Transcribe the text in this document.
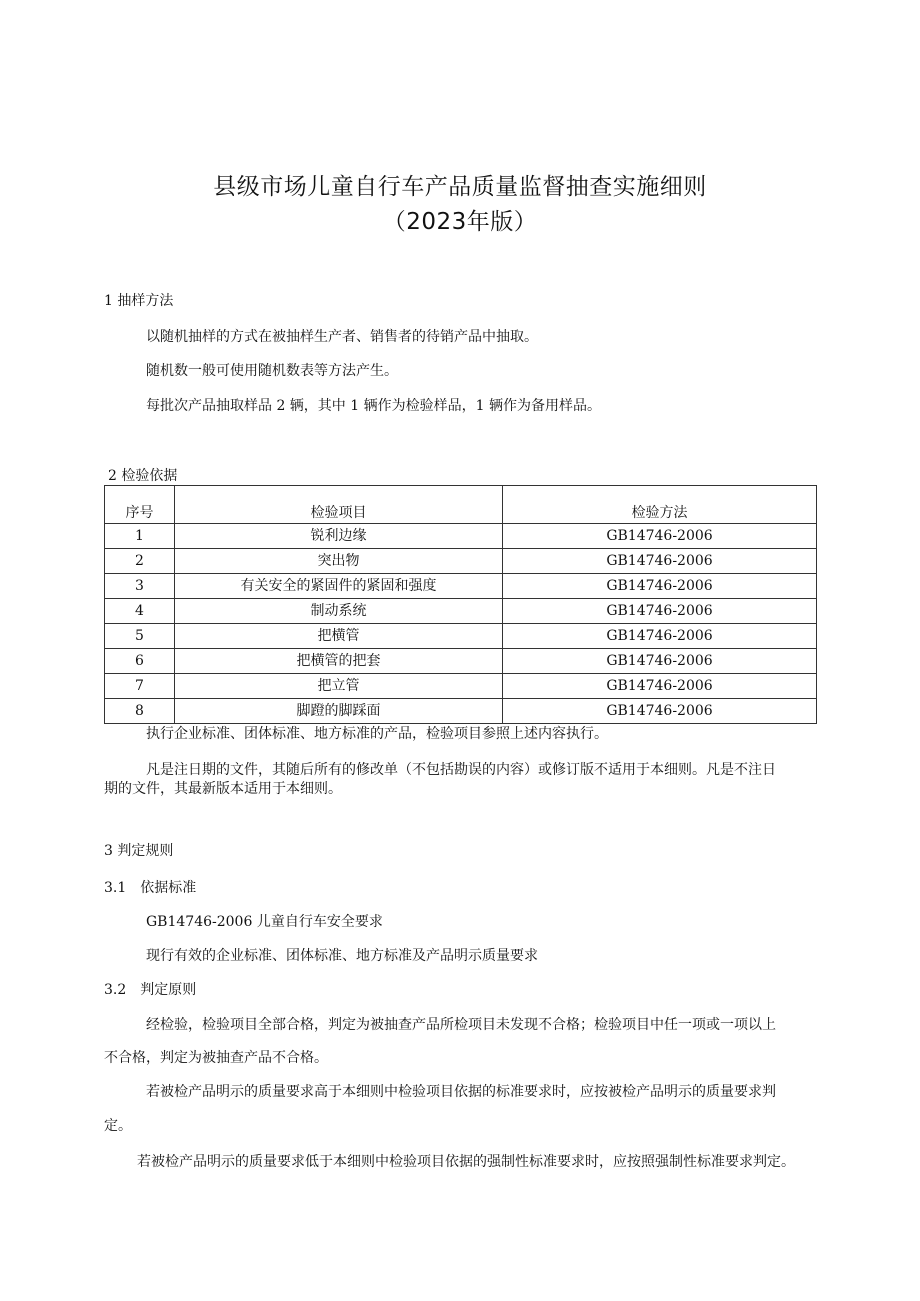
县级市场儿童自行车产品质量监督抽查实施细则
（2023年版）
1 抽样方法
以随机抽样的方式在被抽样生产者、销售者的待销产品中抽取。
随机数一般可使用随机数表等方法产生。
每批次产品抽取样品 2 辆，其中 1 辆作为检验样品，1 辆作为备用样品。
2 检验依据
序号	检验项目	检验方法
1	锐利边缘	GB14746-2006
2	突出物	GB14746-2006
3	有关安全的紧固件的紧固和强度	GB14746-2006
4	制动系统	GB14746-2006
5	把横管	GB14746-2006
6	把横管的把套	GB14746-2006
7	把立管	GB14746-2006
8	脚蹬的脚踩面	GB14746-2006
执行企业标准、团体标准、地方标准的产品，检验项目参照上述内容执行。
凡是注日期的文件，其随后所有的修改单（不包括勘误的内容）或修订版不适用于本细则。凡是不注日
期的文件，其最新版本适用于本细则。
3 判定规则
3.1　依据标准
GB14746-2006 儿童自行车安全要求
现行有效的企业标准、团体标准、地方标准及产品明示质量要求
3.2　判定原则
经检验，检验项目全部合格，判定为被抽查产品所检项目未发现不合格；检验项目中任一项或一项以上
不合格，判定为被抽查产品不合格。
若被检产品明示的质量要求高于本细则中检验项目依据的标准要求时，应按被检产品明示的质量要求判
定。
若被检产品明示的质量要求低于本细则中检验项目依据的强制性标准要求时，应按照强制性标准要求判定。
